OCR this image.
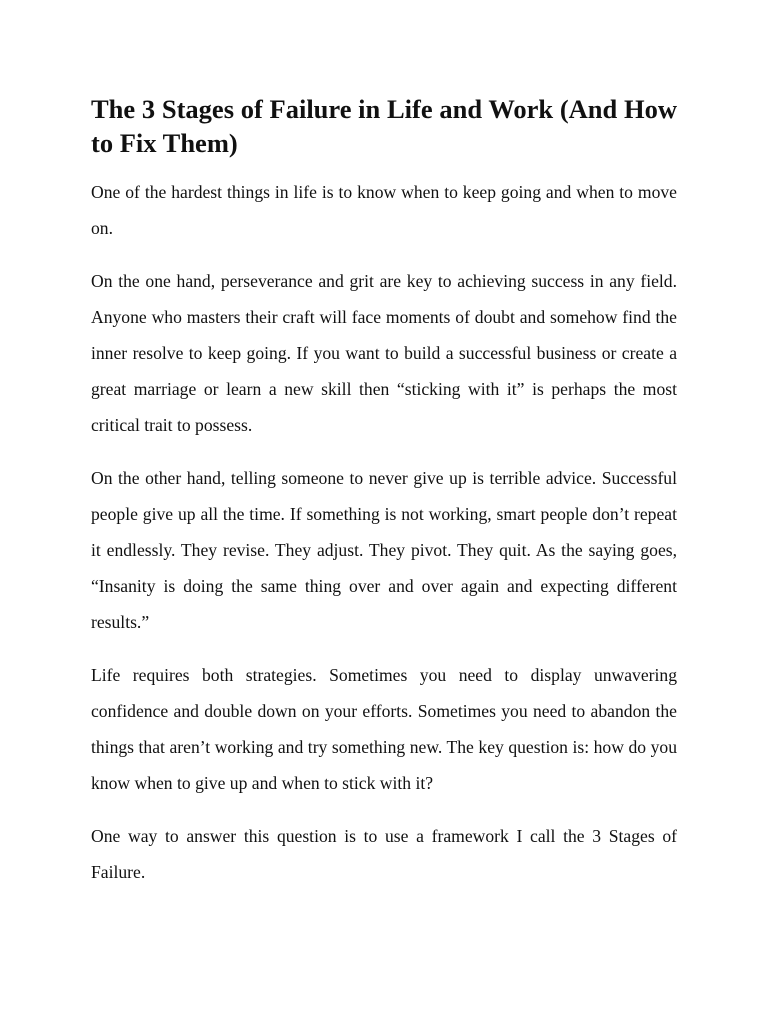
The 3 Stages of Failure in Life and Work (And How to Fix Them)

One of the hardest things in life is to know when to keep going and when to move on.

On the one hand, perseverance and grit are key to achieving success in any field. Anyone who masters their craft will face moments of doubt and somehow find the inner resolve to keep going. If you want to build a successful business or create a great marriage or learn a new skill then “sticking with it” is perhaps the most critical trait to possess.

On the other hand, telling someone to never give up is terrible advice. Successful people give up all the time. If something is not working, smart people don’t repeat it endlessly. They revise. They adjust. They pivot. They quit. As the saying goes, “Insanity is doing the same thing over and over again and expecting different results.”

Life requires both strategies. Sometimes you need to display unwavering confidence and double down on your efforts. Sometimes you need to abandon the things that aren’t working and try something new. The key question is: how do you know when to give up and when to stick with it?

One way to answer this question is to use a framework I call the 3 Stages of Failure.
